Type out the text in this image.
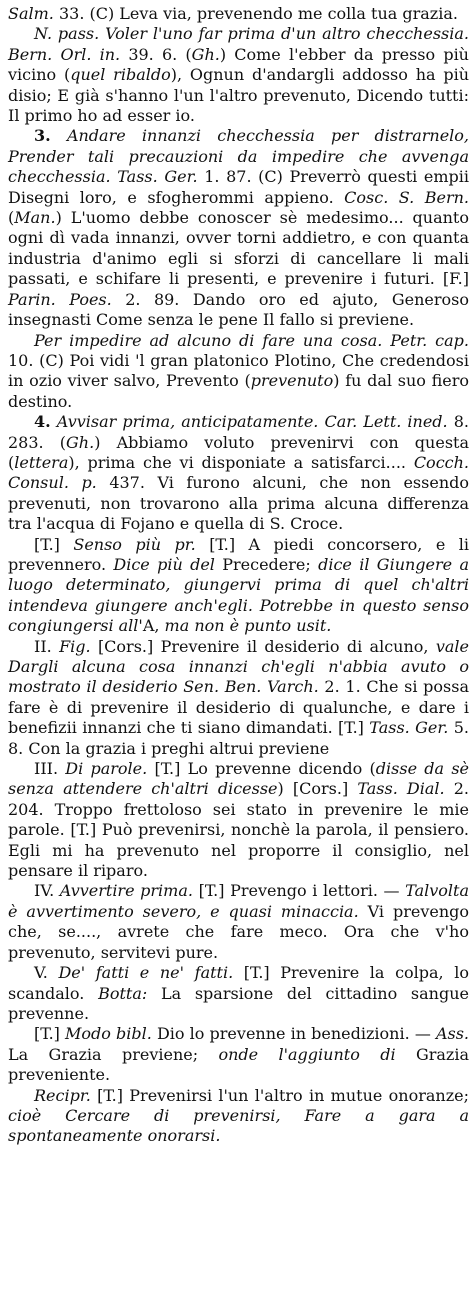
Salm. 33. (C) Leva via, prevenendo me colla tua grazia.

N. pass. Voler l'uno far prima d'un altro checchessia. Bern. Orl. in. 39. 6. (Gh.) Come l'ebber da presso più vicino (quel ribaldo), Ognun d'andargli addosso ha più disio; E già s'hanno l'un l'altro prevenuto, Dicendo tutti: Il primo ho ad esser io.

3. Andare innanzi checchessia per distrarnelo, Prender tali precauzioni da impedire che avvenga checchessia. Tass. Ger. 1. 87. (C) Preverrò questi empii Disegni loro, e sfogherommi appieno. Cosc. S. Bern. (Man.) L'uomo debbe conoscer sè medesimo... quanto ogni dì vada innanzi, ovver torni addietro, e con quanta industria d'animo egli si sforzi di cancellare li mali passati, e schifare li presenti, e prevenire i futuri. [F.] Parin. Poes. 2. 89. Dando oro ed ajuto, Generoso insegnasti Come senza le pene Il fallo si previene.

Per impedire ad alcuno di fare una cosa. Petr. cap. 10. (C) Poi vidi 'l gran platonico Plotino, Che credendosi in ozio viver salvo, Prevento (prevenuto) fu dal suo fiero destino.

4. Avvisar prima, anticipatamente. Car. Lett. ined. 8. 283. (Gh.) Abbiamo voluto prevenirvi con questa (lettera), prima che vi disponiate a satisfarci.... Cocch. Consul. p. 437. Vi furono alcuni, che non essendo prevenuti, non trovarono alla prima alcuna differenza tra l'acqua di Fojano e quella di S. Croce.

[T.] Senso più pr. [T.] A piedi concorsero, e li prevennero. Dice più del Precedere; dice il Giungere a luogo determinato, giungervi prima di quel ch'altri intendeva giungere anch'egli. Potrebbe in questo senso congiungersi all'A, ma non è punto usit.

II. Fig. [Cors.] Prevenire il desiderio di alcuno, vale Dargli alcuna cosa innanzi ch'egli n'abbia avuto o mostrato il desiderio Sen. Ben. Varch. 2. 1. Che si possa fare è di prevenire il desiderio di qualunche, e dare i benefizii innanzi che ti siano dimandati. [T.] Tass. Ger. 5. 8. Con la grazia i preghi altrui previene

III. Di parole. [T.] Lo prevenne dicendo (disse da sè senza attendere ch'altri dicesse) [Cors.] Tass. Dial. 2. 204. Troppo frettoloso sei stato in prevenire le mie parole. [T.] Può prevenirsi, nonchè la parola, il pensiero. Egli mi ha prevenuto nel proporre il consiglio, nel pensare il riparo.

IV. Avvertire prima. [T.] Prevengo i lettori. — Talvolta è avvertimento severo, e quasi minaccia. Vi prevengo che, se...., avrete che fare meco. Ora che v'ho prevenuto, servitevi pure.

V. De' fatti e ne' fatti. [T.] Prevenire la colpa, lo scandalo. Botta: La sparsione del cittadino sangue prevenne.

[T.] Modo bibl. Dio lo prevenne in benedizioni. — Ass. La Grazia previene; onde l'aggiunto di Grazia preveniente.

Recipr. [T.] Prevenirsi l'un l'altro in mutue onoranze; cioè Cercare di prevenirsi, Fare a gara a spontaneamente onorarsi.
